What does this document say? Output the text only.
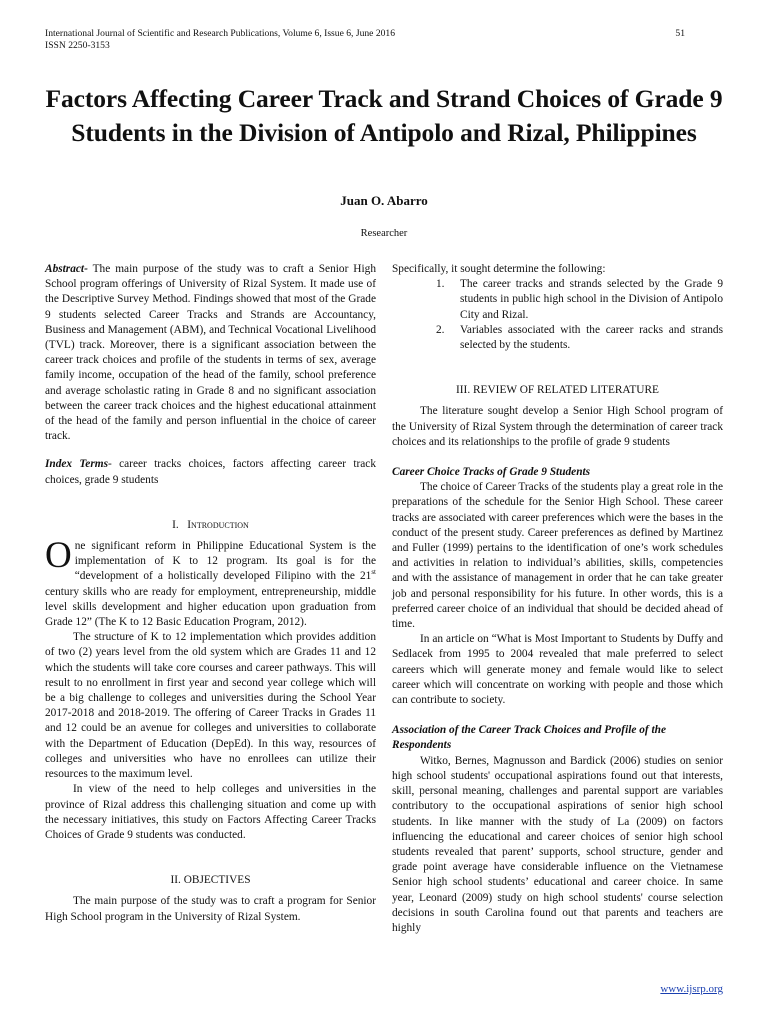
International Journal of Scientific and Research Publications, Volume 6, Issue 6, June 2016
ISSN 2250-3153
51
Factors Affecting Career Track and Strand Choices of Grade 9 Students in the Division of Antipolo and Rizal, Philippines
Juan O. Abarro
Researcher

Abstract- The main purpose of the study was to craft a Senior High School program offerings of University of Rizal System. It made use of the Descriptive Survey Method. Findings showed that most of the Grade 9 students selected Career Tracks and Strands are Accountancy, Business and Management (ABM), and Technical Vocational Livelihood (TVL) track. Moreover, there is a significant association between the career track choices and profile of the students in terms of sex, average family income, occupation of the head of the family, school preference and average scholastic rating in Grade 8 and no significant association between the career track choices and the highest educational attainment of the head of the family and person influential in the choice of career track.

Index Terms- career tracks choices, factors affecting career track choices, grade 9 students

I. Introduction

One significant reform in Philippine Educational System is the implementation of K to 12 program. Its goal is for the “development of a holistically developed Filipino with the 21st century skills who are ready for employment, entrepreneurship, middle level skills development and higher education upon graduation from Grade 12” (The K to 12 Basic Education Program, 2012).

The structure of K to 12 implementation which provides addition of two (2) years level from the old system which are Grades 11 and 12 which the students will take core courses and career pathways. This will result to no enrollment in first year and second year college which will be a big challenge to colleges and universities during the School Year 2017-2018 and 2018-2019. The offering of Career Tracks in Grades 11 and 12 could be an avenue for colleges and universities to collaborate with the Department of Education (DepEd). In this way, resources of colleges and universities who have no enrollees can utilize their resources to the maximum level.

In view of the need to help colleges and universities in the province of Rizal address this challenging situation and come up with the necessary initiatives, this study on Factors Affecting Career Tracks Choices of Grade 9 students was conducted.

II. OBJECTIVES

The main purpose of the study was to craft a program for Senior High School program in the University of Rizal System.

Specifically, it sought determine the following:

1. The career tracks and strands selected by the Grade 9 students in public high school in the Division of Antipolo City and Rizal.
2. Variables associated with the career racks and strands selected by the students.

III. REVIEW OF RELATED LITERATURE

The literature sought develop a Senior High School program of the University of Rizal System through the determination of career track choices and its relationships to the profile of grade 9 students

Career Choice Tracks of Grade 9 Students

The choice of Career Tracks of the students play a great role in the preparations of the schedule for the Senior High School. These career tracks are associated with career preferences which were the bases in the conduct of the present study. Career preferences as defined by Martinez and Fuller (1999) pertains to the identification of one’s work schedules and activities in relation to individual’s abilities, skills, competencies and with the assistance of management in order that he can take greater job and personal responsibility for his future. In other words, this is a preferred career choice of an individual that should be decided ahead of time.

In an article on “What is Most Important to Students by Duffy and Sedlacek from 1995 to 2004 revealed that male preferred to select careers which will generate money and female would like to select career which will concentrate on working with people and those which can contribute to society.

Association of the Career Track Choices and Profile of the Respondents

Witko, Bernes, Magnusson and Bardick (2006) studies on senior high school students' occupational aspirations found out that interests, skill, personal meaning, challenges and parental support are variables contributory to the occupational aspirations of senior high school students. In like manner with the study of La (2009) on factors influencing the educational and career choices of senior high school students revealed that parent’ supports, school structure, gender and grade point average have considerable influence on the Vietnamese Senior high school students’ educational and career choice. In same year, Leonard (2009) study on high school students' course selection decisions in south Carolina found out that parents and teachers are highly

www.ijsrp.org
